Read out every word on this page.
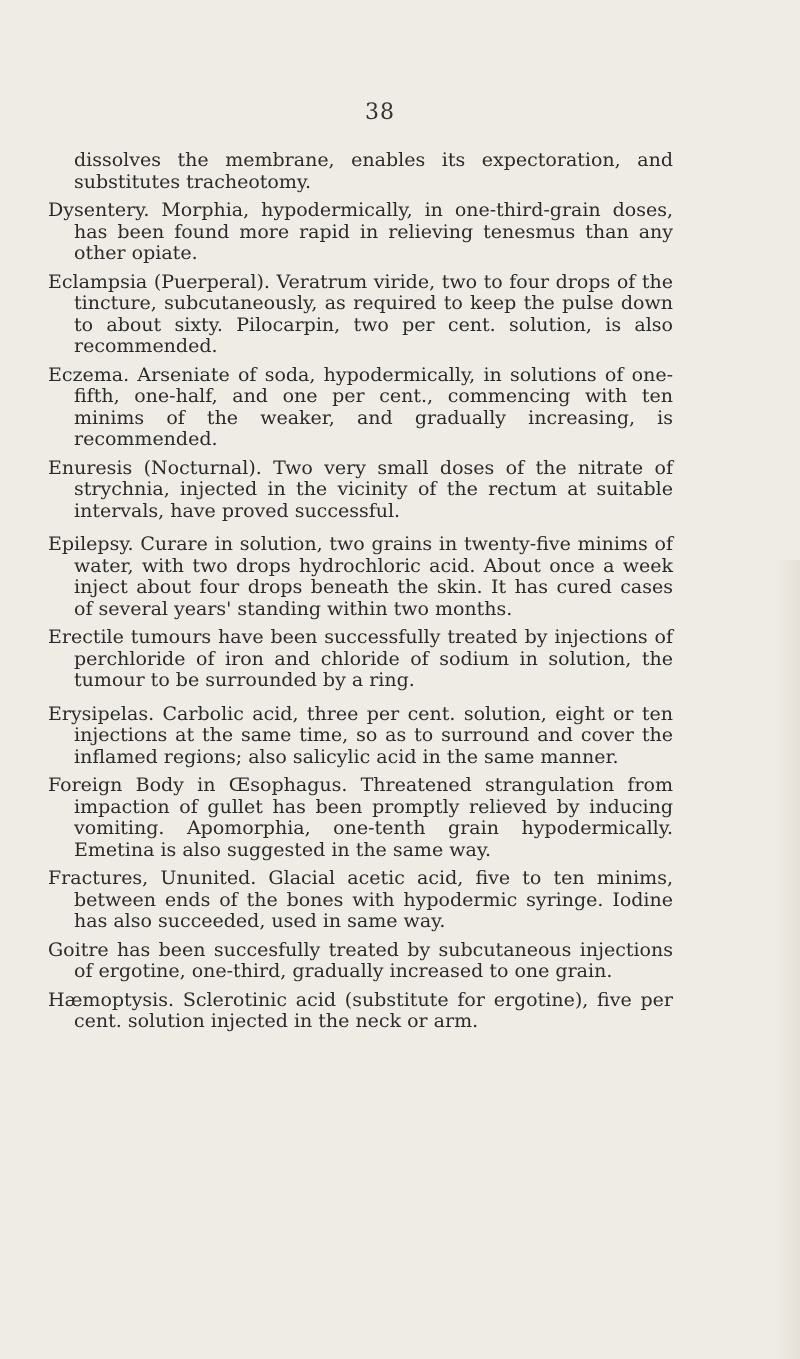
38

dissolves the membrane, enables its expectoration, and substitutes tracheotomy.

Dysentery. Morphia, hypodermically, in one-third-grain doses, has been found more rapid in relieving tenesmus than any other opiate.

Eclampsia (Puerperal). Veratrum viride, two to four drops of the tincture, subcutaneously, as required to keep the pulse down to about sixty. Pilocarpin, two per cent. solution, is also recommended.

Eczema. Arseniate of soda, hypodermically, in solutions of one-fifth, one-half, and one per cent., commencing with ten minims of the weaker, and gradually increasing, is recommended.

Enuresis (Nocturnal). Two very small doses of the nitrate of strychnia, injected in the vicinity of the rectum at suitable intervals, have proved successful.

Epilepsy. Curare in solution, two grains in twenty-five minims of water, with two drops hydrochloric acid. About once a week inject about four drops beneath the skin. It has cured cases of several years' standing within two months.

Erectile tumours have been successfully treated by injections of perchloride of iron and chloride of sodium in solution, the tumour to be surrounded by a ring.

Erysipelas. Carbolic acid, three per cent. solution, eight or ten injections at the same time, so as to surround and cover the inflamed regions; also salicylic acid in the same manner.

Foreign Body in Œsophagus. Threatened strangulation from impaction of gullet has been promptly relieved by inducing vomiting. Apomorphia, one-tenth grain hypodermically. Emetina is also suggested in the same way.

Fractures, Ununited. Glacial acetic acid, five to ten minims, between ends of the bones with hypodermic syringe. Iodine has also succeeded, used in same way.

Goitre has been succesfully treated by subcutaneous injections of ergotine, one-third, gradually increased to one grain.

Hæmoptysis. Sclerotinic acid (substitute for ergotine), five per cent. solution injected in the neck or arm.
